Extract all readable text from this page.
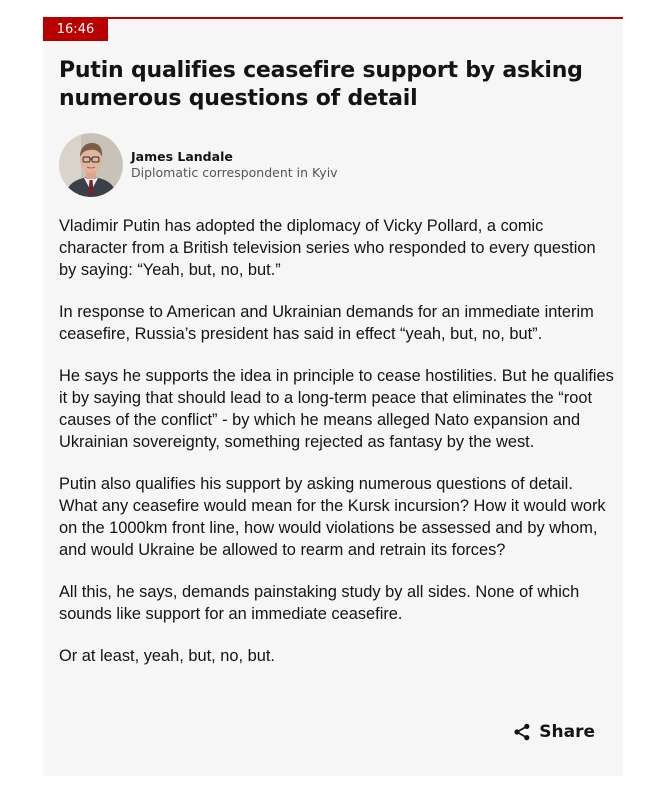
16:46
Putin qualifies ceasefire support by asking numerous questions of detail
James Landale
Diplomatic correspondent in Kyiv

Vladimir Putin has adopted the diplomacy of Vicky Pollard, a comic character from a British television series who responded to every question by saying: “Yeah, but, no, but.”

In response to American and Ukrainian demands for an immediate interim ceasefire, Russia’s president has said in effect “yeah, but, no, but”.

He says he supports the idea in principle to cease hostilities. But he qualifies it by saying that should lead to a long-term peace that eliminates the “root causes of the conflict” - by which he means alleged Nato expansion and Ukrainian sovereignty, something rejected as fantasy by the west.

Putin also qualifies his support by asking numerous questions of detail. What any ceasefire would mean for the Kursk incursion? How it would work on the 1000km front line, how would violations be assessed and by whom, and would Ukraine be allowed to rearm and retrain its forces?

All this, he says, demands painstaking study by all sides. None of which sounds like support for an immediate ceasefire.

Or at least, yeah, but, no, but.

Share
